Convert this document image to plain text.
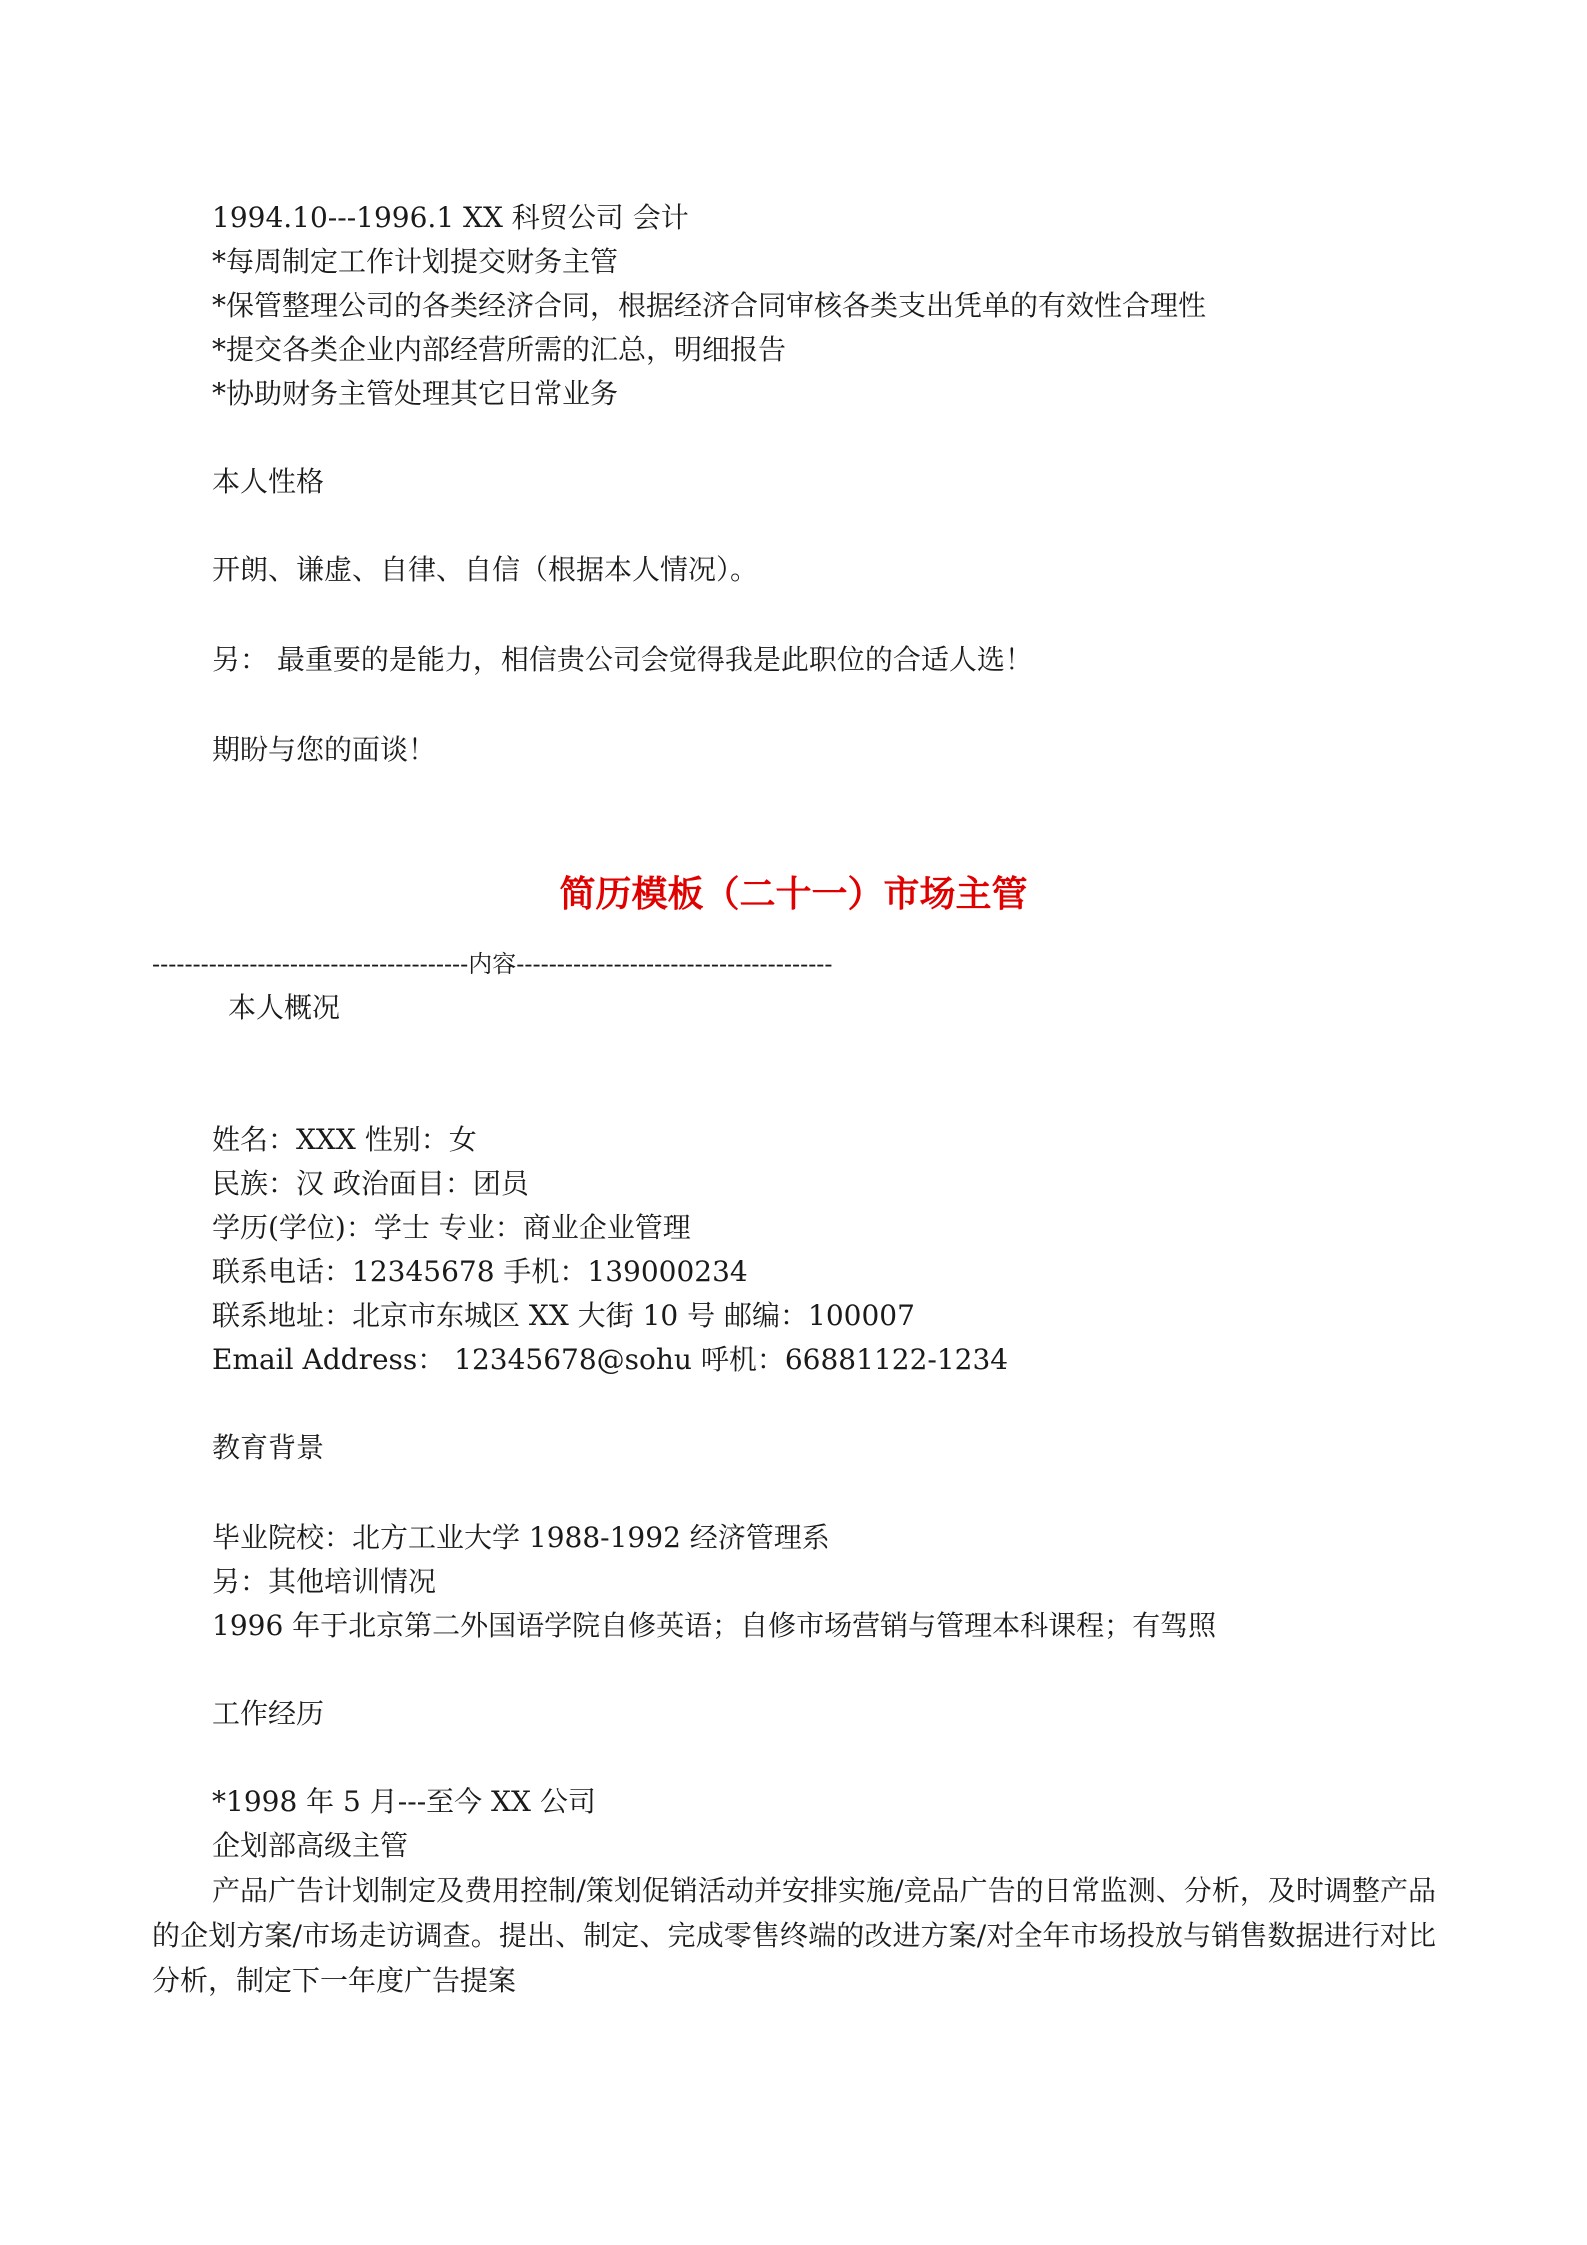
1994.10---1996.1 XX 科贸公司 会计
*每周制定工作计划提交财务主管
*保管整理公司的各类经济合同，根据经济合同审核各类支出凭单的有效性合理性
*提交各类企业内部经营所需的汇总，明细报告
*协助财务主管处理其它日常业务
本人性格
开朗、谦虚、自律、自信（根据本人情况）。
另： 最重要的是能力，相信贵公司会觉得我是此职位的合适人选！
期盼与您的面谈！
简历模板（二十一）市场主管
---------------------------------------内容---------------------------------------
本人概况
姓名：XXX 性别：女
民族：汉 政治面目：团员
学历(学位)：学士 专业：商业企业管理
联系电话：12345678 手机：139000234
联系地址：北京市东城区 XX 大街 10 号 邮编：100007
Email Address： 12345678@sohu 呼机：66881122-1234
教育背景
毕业院校：北方工业大学 1988-1992 经济管理系
另：其他培训情况
1996 年于北京第二外国语学院自修英语；自修市场营销与管理本科课程；有驾照
工作经历
*1998 年 5 月---至今 XX 公司
企划部高级主管
产品广告计划制定及费用控制/策划促销活动并安排实施/竞品广告的日常监测、分析，及时调整产品的企划方案/市场走访调查。提出、制定、完成零售终端的改进方案/对全年市场投放与销售数据进行对比分析，制定下一年度广告提案
